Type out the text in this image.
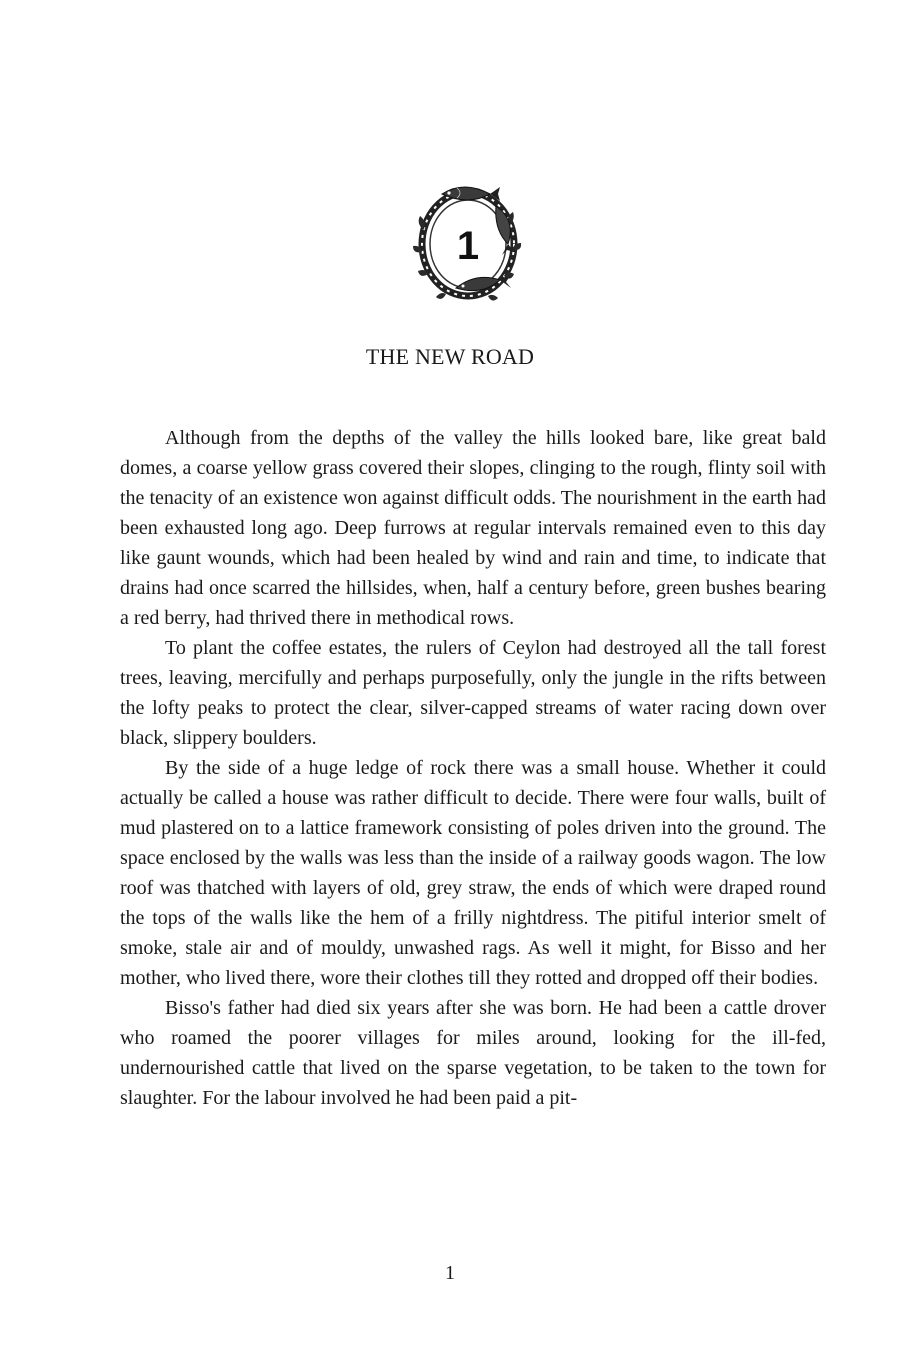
1
THE NEW ROAD

Although from the depths of the valley the hills looked bare, like great bald domes, a coarse yellow grass covered their slopes, clinging to the rough, flinty soil with the tenacity of an existence won against difficult odds. The nourishment in the earth had been exhausted long ago. Deep furrows at regular intervals remained even to this day like gaunt wounds, which had been healed by wind and rain and time, to indicate that drains had once scarred the hillsides, when, half a century before, green bushes bearing a red berry, had thrived there in methodical rows.

To plant the coffee estates, the rulers of Ceylon had destroyed all the tall forest trees, leaving, mercifully and perhaps purposefully, only the jungle in the rifts between the lofty peaks to protect the clear, silver-capped streams of water racing down over black, slippery boulders.

By the side of a huge ledge of rock there was a small house. Whether it could actually be called a house was rather difficult to decide. There were four walls, built of mud plastered on to a lattice framework consisting of poles driven into the ground. The space enclosed by the walls was less than the inside of a railway goods wagon. The low roof was thatched with layers of old, grey straw, the ends of which were draped round the tops of the walls like the hem of a frilly nightdress. The pitiful interior smelt of smoke, stale air and of mouldy, unwashed rags. As well it might, for Bisso and her mother, who lived there, wore their clothes till they rotted and dropped off their bodies.

Bisso's father had died six years after she was born. He had been a cattle drover who roamed the poorer villages for miles around, looking for the ill-fed, undernourished cattle that lived on the sparse vegetation, to be taken to the town for slaughter. For the labour involved he had been paid a pit-

1
